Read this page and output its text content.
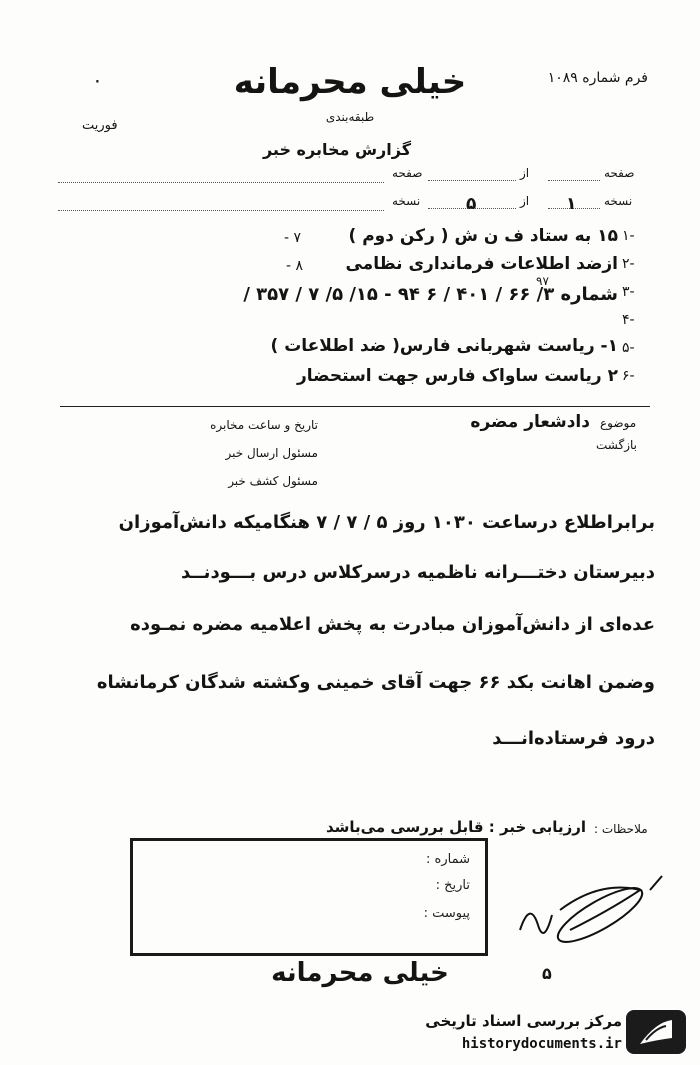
خیلی محرمانه	فرم شماره ۱۰۸۹
٠
طبقه‌بندی
فوریت
گزارش مخابره خبر
صفحه
از
صفحه
نسخه
۱
از
۵
نسخه
۱-
۱۵ به ستاد ف ن ش ( رکن دوم )
- ۷
۲-
ازضد اطلاعات فرمانداری نظامی
- ۸
۳-
شماره ۳/ ۶۶ / ۴۰۱ / ۶ ۹۴ - ۱۵/ ۵/ ۷ / ۳۵۷ /
۹۷
۴-
۵-
۱- ریاست شهربانی فارس( ضد اطلاعات )
۶-
۲ ریاست ساواک فارس جهت استحضار
موضوع
دادشعار مضره
بازگشت
تاریخ و ساعت مخابره
مسئول ارسال خبر
مسئول کشف خبر
برابراطلاع درساعت ۱۰۳۰ روز ۵ / ۷ / ۷ هنگامیکه دانش‌آموزان
دبیرستان دختـــرانه ناظمیه درسرکلاس درس بـــودنــد
عده‌ای از دانش‌آموزان مبادرت به پخش اعلامیه مضره نمـوده
وضمن اهانت بکد ۶۶ جهت آقای خمینی وکشته شدگان کرمانشاه
درود فرستاده‌انـــد
ملاحظات :
ارزیابی خبر : قابل بررسی می‌باشد
شماره :
تاریخ :
پیوست :
خیلی محرمانه	۵
مرکز بررسی اسناد تاریخی
historydocuments.ir
